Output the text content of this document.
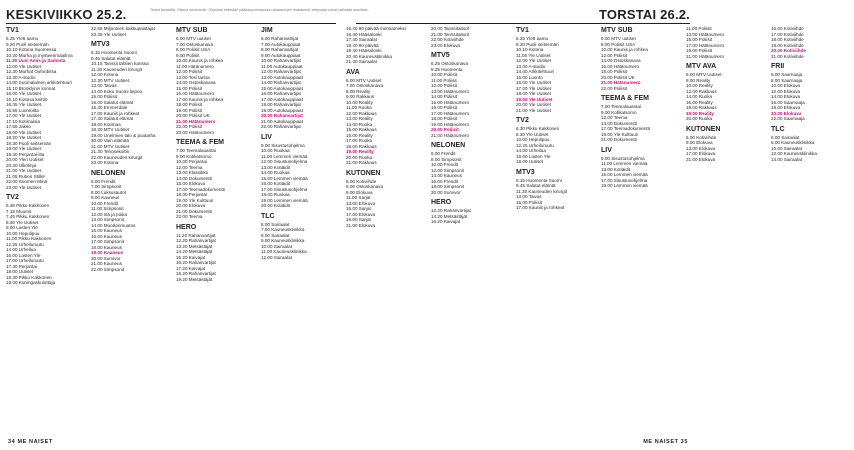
KESKIVIIKKO 25.2.	Tiedot kanavilta. Oikeus muutoksiin. Ohjelmat esitetään pääkaupunkiseudun aikataulujen mukaisesti, esitysajat voivat vaihdella alueittain.	TORSTAI 26.2.
TV1
6.25 Yle6 aamu
9.20 Puoli seitsemän
10.10 Kotona Suomessa
10.30 Murha ja mysteerimaailma
11.30 Uusi Amis ja Sadonta
12.00 Yle Uutiset
12.30 Murhat Oxfordissa
13.30 A-studio
14.00 Suomalainen arkkitehtuuri
15.10 Brooklynin konnat
16.00 Yle Uutiset
16.10 Kotoisa keittiö
16.45 Yle Uutiset
16.55 Luontoilta
17.00 Yle Uutiset
17.10 Kotimaisia
17.55 Jakso
18.00 Yle Uutiset
18.20 Yle Uutiset
18.30 Puoli seitsemän
19.00 Yle Uutiset
19.30 Perjantai-ilta
20.00 Ylen Uutiset
20.30 Ulkolinja
21.00 Yle Uutiset
21.05 Ruben Stiller
22.00 Suomen Minä
23.00 Yle Uutiset
TV2
6.30 Pikku Kakkonen
7.15 Muumit
7.45 Pikku Kakkonen
8.30 Yle Uutiset
9.00 Lasten Yle
10.00 Hepulipuu
11.00 Pikku Kakkonen
12.25 Urheiluruutu
14.00 Urheilua
16.00 Lasten Yle
17.00 Urheiluruutu
17.30 Perjantai
18.00 Uutiset
18.30 Pikku Kakkonen
19.00 Kuningaskuluttaja
22.55 Miljoonien kakkupaistajat
23.35 Yle Uutiset
MTV3
6.15 Huomenta Suomi
9.45 Salatut elämät
10.15 Tanssii tähtien kanssa
11.30 Kauneuden kirurgit
12.00 Kotona
12.30 MTV Uutiset
13.00 Taivas
14.00 Koko Suomi leipoo
15.00 Poliisit
16.00 Salatut elämät
16.30 Emmerdale
17.00 Kauniit ja rohkeat
17.30 Salatut elämät
18.00 Kotimaa
18.30 MTV Uutiset
19.00 Unelmien talo & puutarha
20.00 Vain elämää
21.00 MTV Uutiset
21.30 Tehosekoitin
22.00 Kauneuden kirurgit
23.00 Kotona
NELONEN
6.00 Frendit
7.00 Simpsonit
8.00 Luksusautot
9.00 Kauneus
10.00 Frendit
11.00 Simpsonit
12.00 Isä ja poika
13.00 Simpsonit
14.00 Muodonmuutos
15.00 Kauneus
16.00 Kauneus
17.00 Simpsonit
18.00 Kauneus
19.00 Kauneus
20.00 Survivor
21.00 Kauneus
22.00 Simpsonit
MTV SUB
6.00 MTV uutiset
7.00 Ostoskanava
8.00 Poliisit USA
9.00 Poliisit
10.00 Kaunis ja rohkea
11.00 Hätänumero
12.00 Poliisit
13.00 Tosi tarina
14.00 Ostoskanava
15.00 Poliisit
16.00 Hätänumero
17.00 Kaunis ja rohkea
18.00 Poliisit
19.00 Poliisit
20.00 Poliisit UK
21.00 Hätänumero
22.00 Poliisit
23.00 Hätänumero
TEEMA & FEM
7.00 Teemalauantai
9.00 Kotikatsomo
10.00 Perjantai
12.00 Teema
13.00 Klassikko
14.00 Dokumentti
15.00 Elokuva
17.00 Teemadokumentti
18.00 Perjantai
19.00 Yle Kulttuuri
20.00 Elokuva
21.00 Dokumentti
22.00 Teema
HERO
11.20 Rahanvartijat
12.20 Rahanvartijat
13.20 Metsästäjät
14.20 Metsästäjät
15.20 Kaivajat
16.20 Rahanvartijat
17.20 Kaivajat
18.20 Rahanvartijat
19.20 Metsästäjät
JIM
6.00 Rahanvartijat
7.00 Autokauppiaat
8.00 Rahanvartijat
9.00 Autokauppiaat
10.00 Rahanvartijat
11.00 Autokauppiaat
12.00 Rahanvartijat
13.00 Autokauppiaat
14.00 Rahanvartijat
15.00 Autokauppiaat
16.00 Rahanvartijat
17.00 Autokauppiaat
18.00 Rahanvartijat
19.00 Autokauppiaat
20.00 Rahanvartijat
21.00 Autokauppiaat
22.00 Rahanvartijat
LIV
9.00 Sisustusohjelma
10.00 Ruokaa
11.00 Lemmen viemää
12.00 Sisustusohjelma
13.00 Kotiäidit
14.00 Ruokaa
15.00 Lemmen viemää
16.00 Kotiäidit
17.00 Sisustusohjelma
18.00 Ruokaa
19.00 Lemmen viemää
20.00 Kotiäidit
TLC
6.00 Sairaalat
7.00 Kauneusklinikka
8.00 Sairaalat
9.00 Kauneusklinikka
10.00 Sairaalat
11.00 Kauneusklinikka
12.00 Sairaalat
15.40 90 päivää morsiameksi
16.40 Hääsalonki
17.40 Sairaalat
18.40 90 päivää
19.40 Hääsalonki
20.40 Kauneusklinikka
21.40 Sairaalat
AVA
6.00 MTV Uutiset
7.00 Ostoskanava
8.00 Reality
9.00 Rakkaus
10.00 Reality
11.00 Ruoka
12.00 Rakkaus
13.00 Reality
14.00 Ruoka
15.00 Rakkaus
16.00 Reality
17.00 Ruoka
18.00 Rakkaus
19.00 Reality
20.00 Ruoka
21.00 Rakkaus
KUTONEN
6.00 Kotiviihde
8.00 Ostoskanava
9.00 Elokuva
11.00 Sarjat
13.00 Elokuva
15.00 Sarjat
17.00 Elokuva
19.00 Sarjat
21.00 Elokuva
20.00 Tanssitaiturit
21.00 Tanssitaiturit
22.00 Kotiviihde
23.00 Elokuva
MTV5
6.25 Ostoskanava
8.25 Huomenta
10.00 Poliisit
11.00 Poliisit
12.00 Poliisit
13.00 Hätänumero
14.00 Poliisit
15.00 Hätänumero
16.00 Poliisit
17.00 Hätänumero
18.00 Poliisit
19.00 Hätänumero
20.00 Poliisit
21.00 Hätänumero
NELONEN
6.00 Frendit
8.00 Simpsonit
10.00 Frendit
12.00 Simpsonit
14.00 Kauneus
16.00 Frendit
18.00 Simpsonit
20.00 Survivor
HERO
12.20 Rahanvartijat
14.20 Metsästäjät
16.20 Kaivajat
TV1
6.25 Yle6 aamu
9.20 Puoli seitsemän
10.10 Kotona
11.00 Yle Uutiset
12.00 Yle Uutiset
13.00 A-studio
14.00 Arkkitehtuuri
15.00 Luonto
16.00 Yle Uutiset
17.00 Yle Uutiset
18.00 Yle Uutiset
19.00 Yle Uutiset
20.00 Yle Uutiset
21.00 Yle Uutiset
TV2
6.30 Pikku Kakkonen
8.30 Yle Uutiset
10.00 Hepulipuu
12.25 Urheiluruutu
14.00 Urheilua
16.00 Lasten Yle
18.00 Uutiset
MTV3
6.15 Huomenta Suomi
9.45 Salatut elämät
11.30 Kauneuden kirurgit
13.00 Taivas
15.00 Poliisit
17.00 Kauniit ja rohkeat
MTV SUB
6.00 MTV uutiset
8.00 Poliisit USA
10.00 Kaunis ja rohkea
12.00 Poliisit
14.00 Ostoskanava
16.00 Hätänumero
18.00 Poliisit
20.00 Poliisit UK
21.00 Hätänumero
22.00 Poliisit
TEEMA & FEM
7.00 Teemalauantai
9.00 Kotikatsomo
12.00 Teema
14.00 Dokumentti
17.00 Teemadokumentti
19.00 Yle Kulttuuri
21.00 Dokumentti
LIV
9.00 Sisustusohjelma
11.00 Lemmen viemää
13.00 Kotiäidit
15.00 Lemmen viemää
17.00 Sisustusohjelma
19.00 Lemmen viemää
11.00 Poliisit
13.00 Hätänumero
15.00 Poliisit
17.00 Hätänumero
19.00 Poliisit
21.00 Hätänumero
MTV AVA
6.00 MTV Uutiset
8.00 Reality
10.00 Reality
12.00 Rakkaus
14.00 Ruoka
16.00 Reality
18.00 Rakkaus
19.00 Reality
20.00 Ruoka
KUTONEN
6.00 Kotiviihde
9.00 Elokuva
13.00 Elokuva
17.00 Elokuva
21.00 Elokuva
16.00 Kotiviihde
17.00 Kotiviihde
18.00 Kotiviihde
19.00 Kotiviihde
20.00 Kotiviihde
21.00 Kotiviihde
FRII
6.00 Saarnaaja
8.00 Saarnaaja
10.00 Elokuva
12.00 Elokuva
14.00 Elokuva
16.00 Saarnaaja
18.00 Elokuva
20.00 Elokuva
22.00 Saarnaaja
TLC
6.00 Sairaalat
8.00 Kauneusklinikka
10.00 Sairaalat
12.00 Kauneusklinikka
14.00 Sairaalat
34 ME NAISET	ME NAISET 35
